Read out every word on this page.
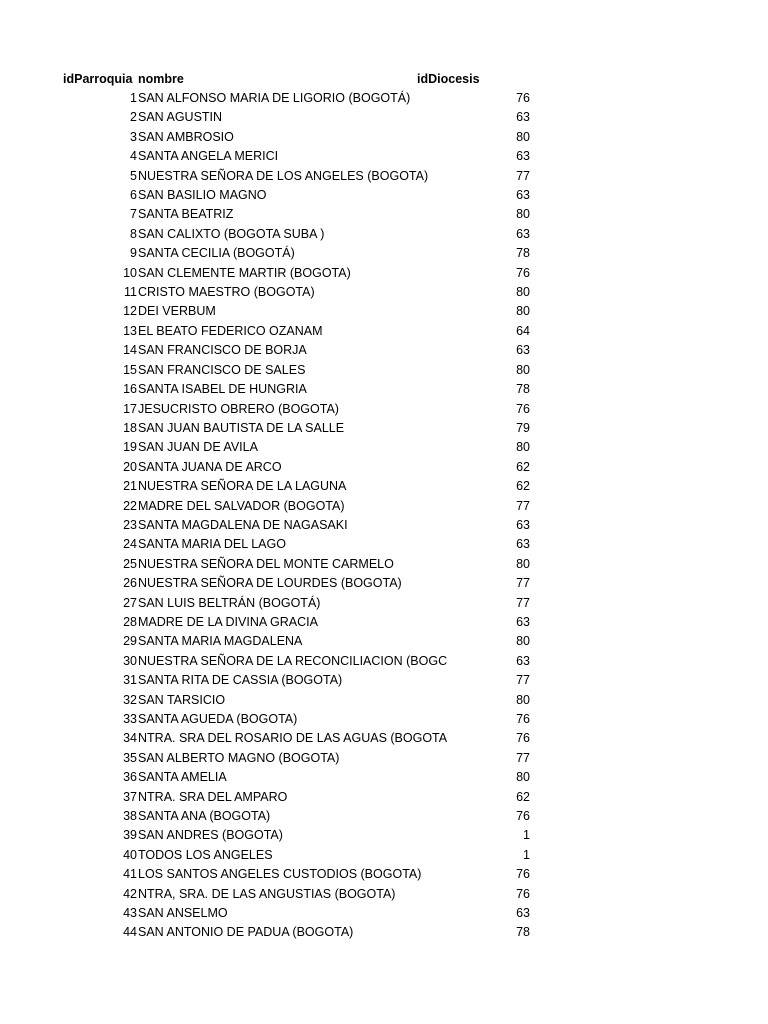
idParroquia nombre	idDiocesis
1 SAN ALFONSO MARIA DE LIGORIO (BOGOTÁ)	76
2 SAN AGUSTIN	63
3 SAN AMBROSIO	80
4 SANTA ANGELA MERICI	63
5 NUESTRA SEÑORA DE LOS ANGELES (BOGOTA)	77
6 SAN BASILIO MAGNO	63
7 SANTA BEATRIZ	80
8 SAN CALIXTO (BOGOTA SUBA )	63
9 SANTA CECILIA (BOGOTÁ)	78
10 SAN CLEMENTE MARTIR (BOGOTA)	76
11 CRISTO MAESTRO (BOGOTA)	80
12 DEI VERBUM	80
13 EL BEATO FEDERICO OZANAM	64
14 SAN FRANCISCO DE BORJA	63
15 SAN FRANCISCO DE SALES	80
16 SANTA ISABEL DE HUNGRIA	78
17 JESUCRISTO OBRERO (BOGOTA)	76
18 SAN JUAN BAUTISTA DE LA SALLE	79
19 SAN JUAN DE AVILA	80
20 SANTA JUANA DE ARCO	62
21 NUESTRA SEÑORA DE LA LAGUNA	62
22 MADRE DEL SALVADOR (BOGOTA)	77
23 SANTA MAGDALENA DE NAGASAKI	63
24 SANTA MARIA DEL LAGO	63
25 NUESTRA SEÑORA DEL MONTE CARMELO	80
26 NUESTRA SEÑORA DE LOURDES (BOGOTA)	77
27 SAN LUIS BELTRÁN (BOGOTÁ)	77
28 MADRE DE LA DIVINA GRACIA	63
29 SANTA MARIA MAGDALENA	80
30 NUESTRA SEÑORA DE LA RECONCILIACION (BOGC	63
31 SANTA RITA DE CASSIA (BOGOTA)	77
32 SAN TARSICIO	80
33 SANTA AGUEDA (BOGOTA)	76
34 NTRA. SRA DEL ROSARIO DE LAS AGUAS (BOGOTA	76
35 SAN ALBERTO MAGNO (BOGOTA)	77
36 SANTA AMELIA	80
37 NTRA. SRA DEL AMPARO	62
38 SANTA ANA (BOGOTA)	76
39 SAN ANDRES (BOGOTA)	1
40 TODOS LOS ANGELES	1
41 LOS SANTOS ANGELES CUSTODIOS (BOGOTA)	76
42 NTRA, SRA. DE LAS ANGUSTIAS (BOGOTA)	76
43 SAN ANSELMO	63
44 SAN ANTONIO DE PADUA (BOGOTA)	78
